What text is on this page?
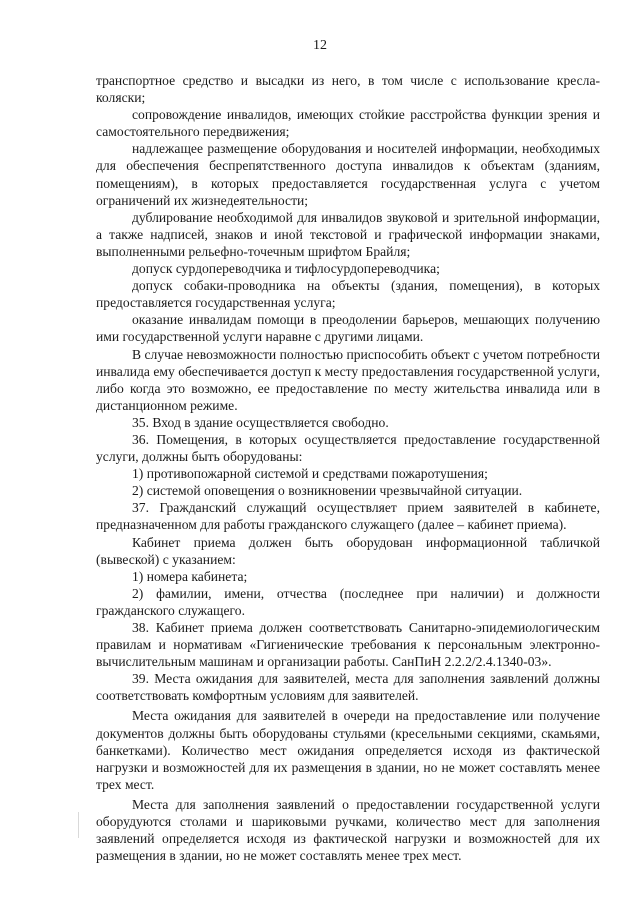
12

транспортное средство и высадки из него, в том числе с использование кресла-коляски;

сопровождение инвалидов, имеющих стойкие расстройства функции зрения и самостоятельного передвижения;

надлежащее размещение оборудования и носителей информации, необходимых для обеспечения беспрепятственного доступа инвалидов к объектам (зданиям, помещениям), в которых предоставляется государственная услуга с учетом ограничений их жизнедеятельности;

дублирование необходимой для инвалидов звуковой и зрительной информации, а также надписей, знаков и иной текстовой и графической информации знаками, выполненными рельефно-точечным шрифтом Брайля;

допуск сурдопереводчика и тифлосурдопереводчика;

допуск собаки-проводника на объекты (здания, помещения), в которых предоставляется государственная услуга;

оказание инвалидам помощи в преодолении барьеров, мешающих получению ими государственной услуги наравне с другими лицами.

В случае невозможности полностью приспособить объект с учетом потребности инвалида ему обеспечивается доступ к месту предоставления государственной услуги, либо когда это возможно, ее предоставление по месту жительства инвалида или в дистанционном режиме.

35. Вход в здание осуществляется свободно.

36. Помещения, в которых осуществляется предоставление государственной услуги, должны быть оборудованы:

1) противопожарной системой и средствами пожаротушения;

2) системой оповещения о возникновении чрезвычайной ситуации.

37. Гражданский служащий осуществляет прием заявителей в кабинете, предназначенном для работы гражданского служащего (далее – кабинет приема).

Кабинет приема должен быть оборудован информационной табличкой (вывеской) с указанием:

1) номера кабинета;

2) фамилии, имени, отчества (последнее при наличии) и должности гражданского служащего.

38. Кабинет приема должен соответствовать Санитарно-эпидемиологическим правилам и нормативам «Гигиенические требования к персональным электронно-вычислительным машинам и организации работы. СанПиН 2.2.2/2.4.1340-03».

39. Места ожидания для заявителей, места для заполнения заявлений должны соответствовать комфортным условиям для заявителей.

Места ожидания для заявителей в очереди на предоставление или получение документов должны быть оборудованы стульями (кресельными секциями, скамьями, банкетками). Количество мест ожидания определяется исходя из фактической нагрузки и возможностей для их размещения в здании, но не может составлять менее трех мест.

Места для заполнения заявлений о предоставлении государственной услуги оборудуются столами и шариковыми ручками, количество мест для заполнения заявлений определяется исходя из фактической нагрузки и возможностей для их размещения в здании, но не может составлять менее трех мест.
